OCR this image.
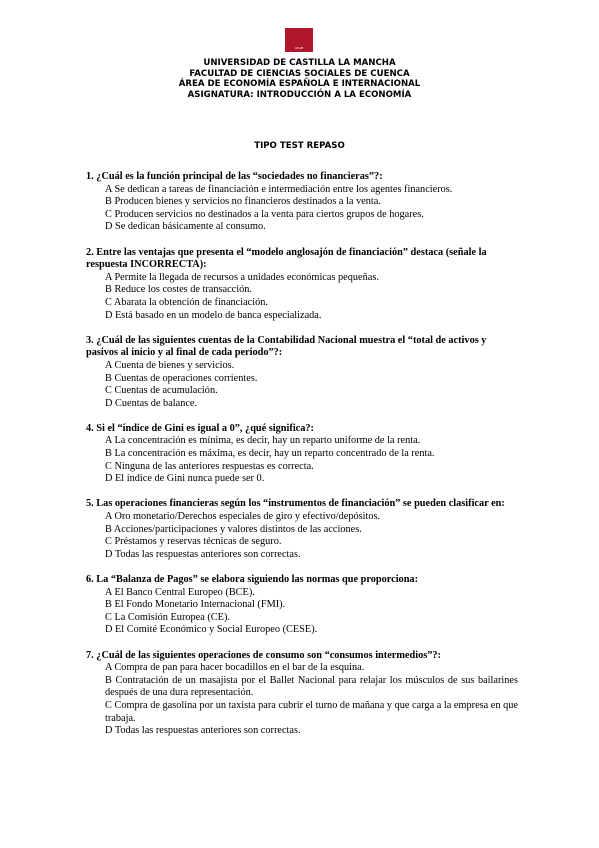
UCLM
UNIVERSIDAD DE CASTILLA LA MANCHA
FACULTAD DE CIENCIAS SOCIALES DE CUENCA
ÁREA DE ECONOMÍA ESPAÑOLA E INTERNACIONAL
ASIGNATURA: INTRODUCCIÓN A LA ECONOMÍA
TIPO TEST REPASO
1. ¿Cuál es la función principal de las “sociedades no financieras”?:
A Se dedican a tareas de financiación e intermediación entre los agentes financieros.
B Producen bienes y servicios no financieros destinados a la venta.
C Producen servicios no destinados a la venta para ciertos grupos de hogares.
D Se dedican básicamente al consumo.
2. Entre las ventajas que presenta el “modelo anglosajón de financiación” destaca (señale la respuesta INCORRECTA):
A Permite la llegada de recursos a unidades económicas pequeñas.
B Reduce los costes de transacción.
C Abarata la obtención de financiación.
D Está basado en un modelo de banca especializada.
3. ¿Cuál de las siguientes cuentas de la Contabilidad Nacional muestra el “total de activos y pasivos al inicio y al final de cada periodo”?:
A Cuenta de bienes y servicios.
B Cuentas de operaciones corrientes.
C Cuentas de acumulación.
D Cuentas de balance.
4. Si el “índice de Gini es igual a 0”, ¿qué significa?:
A La concentración es mínima, es decir, hay un reparto uniforme de la renta.
B La concentración es máxima, es decir, hay un reparto concentrado de la renta.
C Ninguna de las anteriores respuestas es correcta.
D El índice de Gini nunca puede ser 0.
5. Las operaciones financieras según los “instrumentos de financiación” se pueden clasificar en:
A Oro monetario/Derechos especiales de giro y efectivo/depósitos.
B Acciones/participaciones y valores distintos de las acciones.
C Préstamos y reservas técnicas de seguro.
D Todas las respuestas anteriores son correctas.
6. La “Balanza de Pagos” se elabora siguiendo las normas que proporciona:
A El Banco Central Europeo (BCE).
B El Fondo Monetario Internacional (FMI).
C La Comisión Europea (CE).
D El Comité Económico y Social Europeo (CESE).
7. ¿Cuál de las siguientes operaciones de consumo son “consumos intermedios”?:
A Compra de pan para hacer bocadillos en el bar de la esquina.
B Contratación de un masajista por el Ballet Nacional para relajar los músculos de sus bailarines después de una dura representación.
C Compra de gasolina por un taxista para cubrir el turno de mañana y que carga a la empresa en que trabaja.
D Todas las respuestas anteriores son correctas.
